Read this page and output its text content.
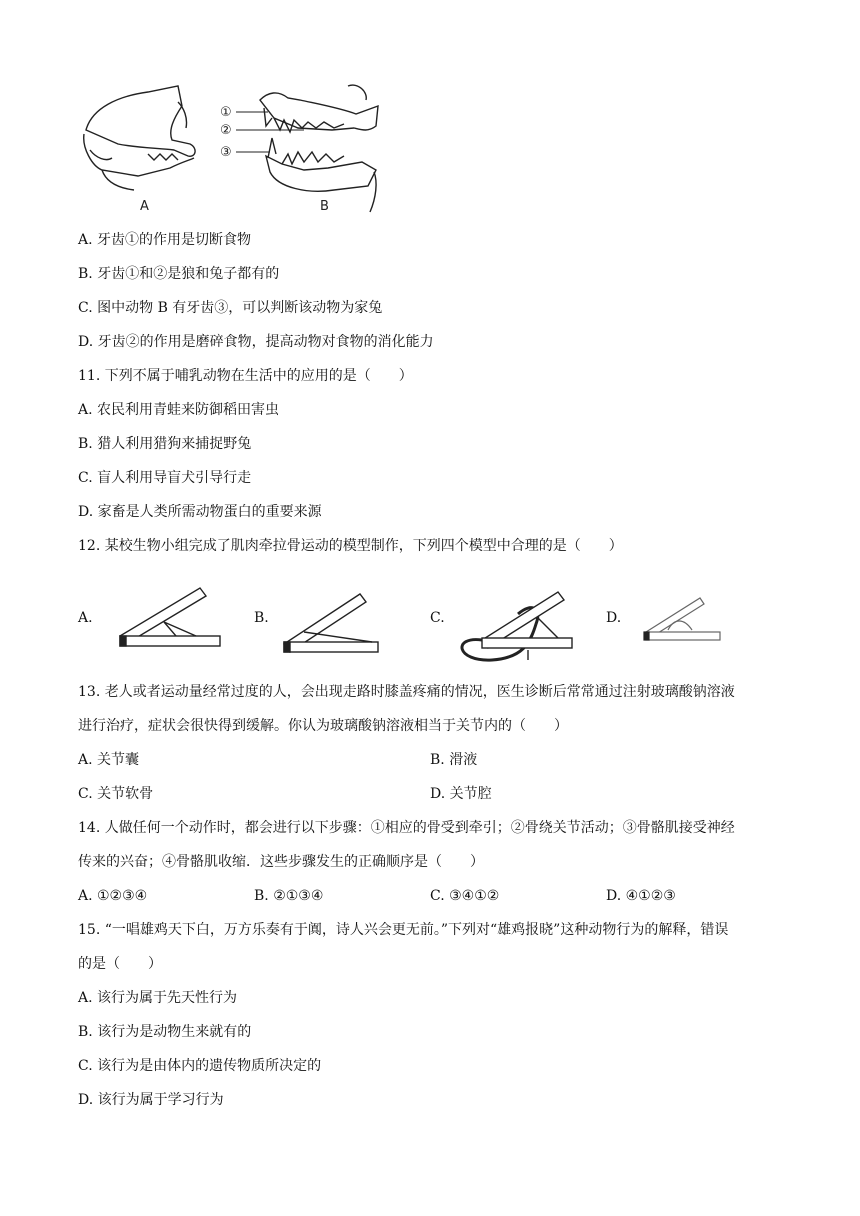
①
②
③
A	B
A. 牙齿①的作用是切断食物
B. 牙齿①和②是狼和兔子都有的
C. 图中动物 B 有牙齿③，可以判断该动物为家兔
D. 牙齿②的作用是磨碎食物，提高动物对食物的消化能力
11. 下列不属于哺乳动物在生活中的应用的是（　　）
A. 农民利用青蛙来防御稻田害虫
B. 猎人利用猎狗来捕捉野兔
C. 盲人利用导盲犬引导行走
D. 家畜是人类所需动物蛋白的重要来源
12. 某校生物小组完成了肌肉牵拉骨运动的模型制作，下列四个模型中合理的是（　　）
A.	B.	C.	D.
13. 老人或者运动量经常过度的人，会出现走路时膝盖疼痛的情况，医生诊断后常常通过注射玻璃酸钠溶液
进行治疗，症状会很快得到缓解。你认为玻璃酸钠溶液相当于关节内的（　　）
A. 关节囊	B. 滑液
C. 关节软骨	D. 关节腔
14. 人做任何一个动作时，都会进行以下步骤：①相应的骨受到牵引；②骨绕关节活动；③骨骼肌接受神经
传来的兴奋；④骨骼肌收缩．这些步骤发生的正确顺序是（　　）
A. ①②③④	B. ②①③④	C. ③④①②	D. ④①②③
15. “一唱雄鸡天下白，万方乐奏有于阗，诗人兴会更无前。”下列对“雄鸡报晓”这种动物行为的解释，错误
的是（　　）
A. 该行为属于先天性行为
B. 该行为是动物生来就有的
C. 该行为是由体内的遗传物质所决定的
D. 该行为属于学习行为
